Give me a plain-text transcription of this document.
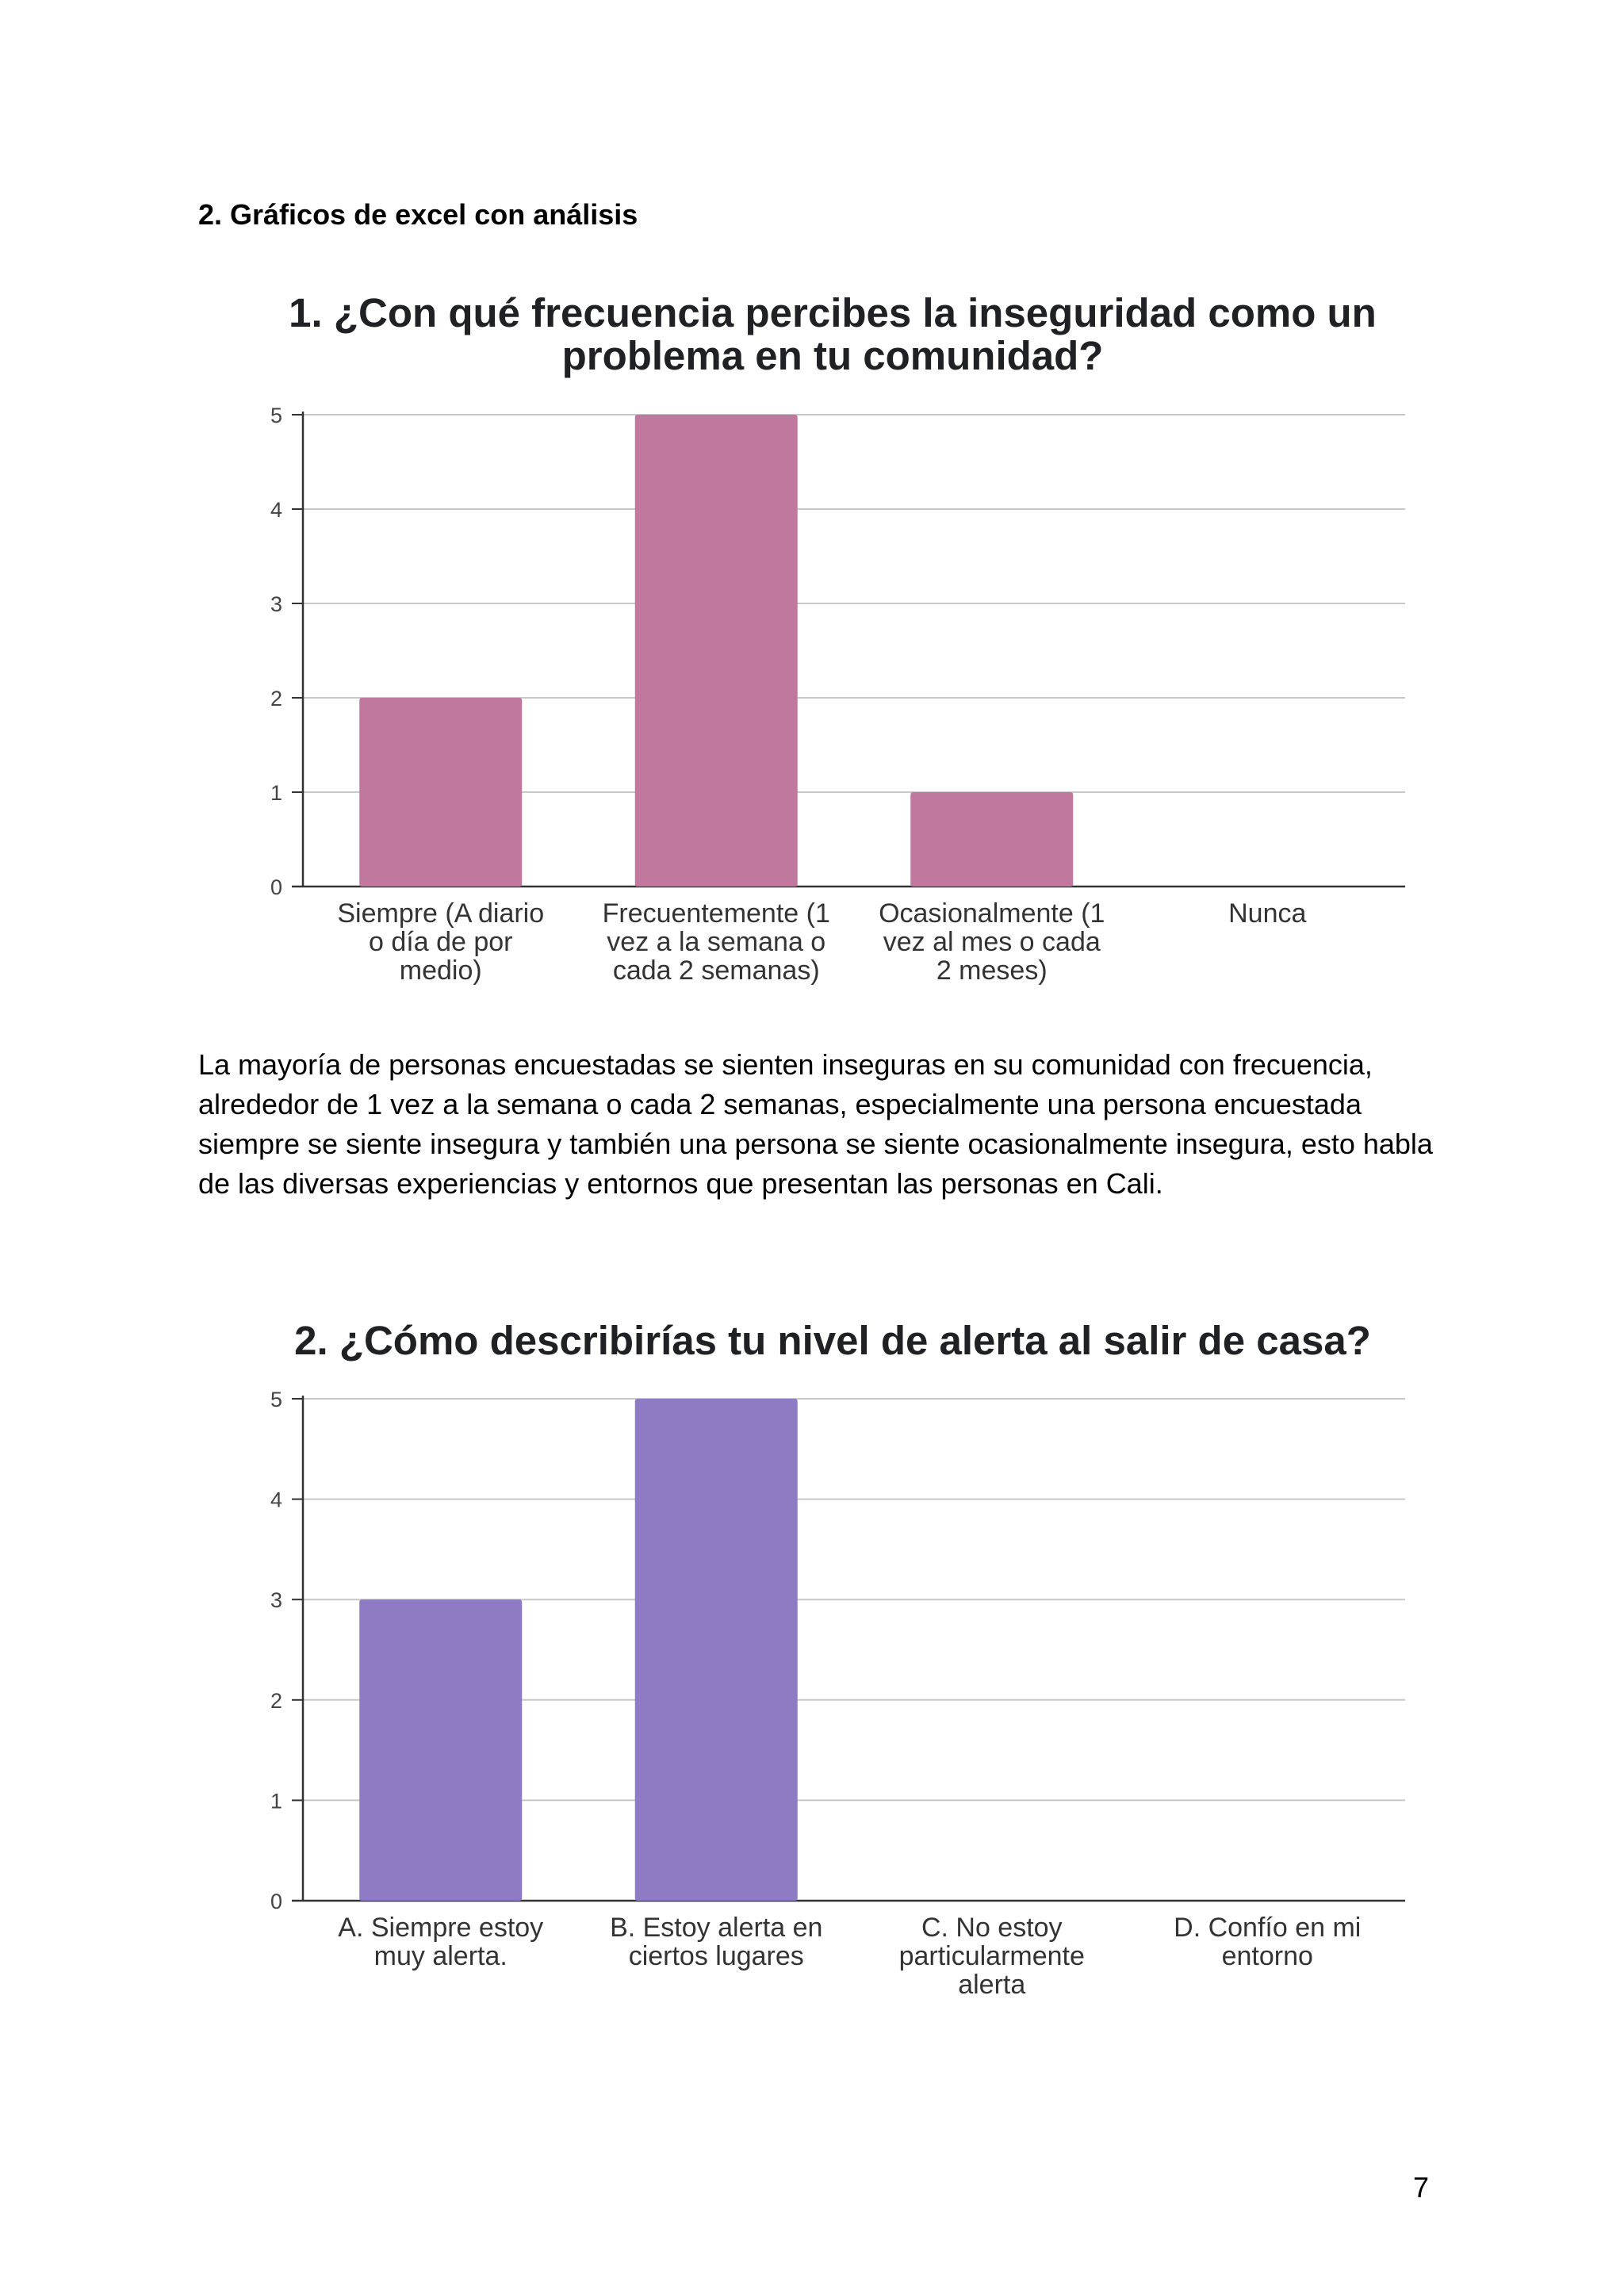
2. Gráficos de excel con análisis
1. ¿Con qué frecuencia percibes la inseguridad como un problema en tu comunidad?
0
1
2
3
4
5
Siempre (A diario o día de por medio)
Frecuentemente (1 vez a la semana o cada 2 semanas)
Ocasionalmente (1 vez al mes o cada 2 meses)
Nunca

La mayoría de personas encuestadas se sienten inseguras en su comunidad con frecuencia, alrededor de 1 vez a la semana o cada 2 semanas, especialmente una persona encuestada siempre se siente insegura y también una persona se siente ocasionalmente insegura, esto habla de las diversas experiencias y entornos que presentan las personas en Cali.

2. ¿Cómo describirías tu nivel de alerta al salir de casa?
0
1
2
3
4
5
A. Siempre estoy muy alerta.
B. Estoy alerta en ciertos lugares
C. No estoy particularmente alerta
D. Confío en mi entorno
7
